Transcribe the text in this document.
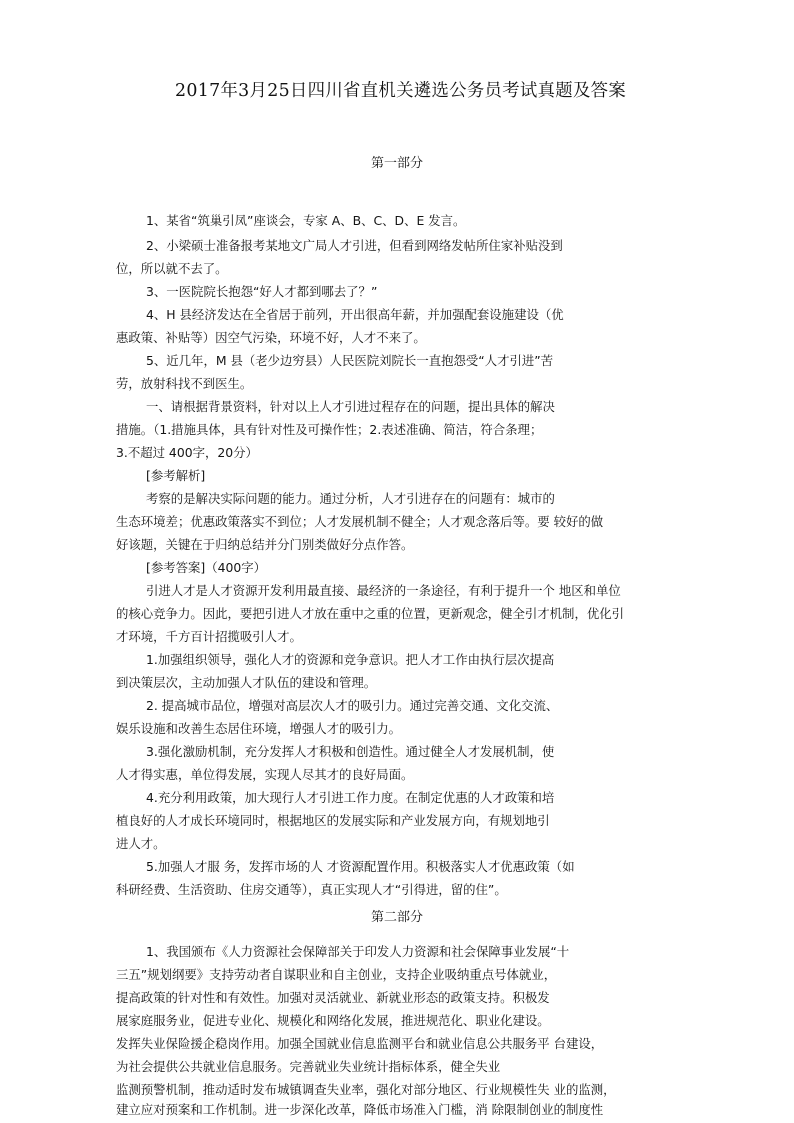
2017年3月25日四川省直机关遴选公务员考试真题及答案
第一部分
1、某省“筑巢引凤”座谈会，专家 A、B、C、D、E 发言。
2、小梁硕士准备报考某地文广局人才引进，但看到网络发帖所住家补贴没到
位，所以就不去了。
3、一医院院长抱怨“好人才都到哪去了？”
4、H 县经济发达在全省居于前列，开出很高年薪，并加强配套设施建设（优
惠政策、补贴等）因空气污染，环境不好，人才不来了。
5、近几年，M 县（老少边穷县）人民医院刘院长一直抱怨受“人才引进”苦
劳，放射科找不到医生。
一、请根据背景资料，针对以上人才引进过程存在的问题，提出具体的解决
措施。（1.措施具体，具有针对性及可操作性；2.表述准确、简洁，符合条理；
3.不超过 400字，20分）
[参考解析]
考察的是解决实际问题的能力。通过分析，人才引进存在的问题有：城市的
生态环境差；优惠政策落实不到位；人才发展机制不健全；人才观念落后等。要 较好的做
好该题，关键在于归纳总结并分门别类做好分点作答。
[参考答案]（400字）
引进人才是人才资源开发利用最直接、最经济的一条途径，有利于提升一个 地区和单位
的核心竞争力。因此，要把引进人才放在重中之重的位置，更新观念，健全引才机制，优化引
才环境，千方百计招揽吸引人才。
1.加强组织领导，强化人才的资源和竞争意识。把人才工作由执行层次提高
到决策层次，主动加强人才队伍的建设和管理。
2. 提高城市品位，增强对高层次人才的吸引力。通过完善交通、文化交流、
娱乐设施和改善生态居住环境，增强人才的吸引力。
3.强化激励机制，充分发挥人才积极和创造性。通过健全人才发展机制，使
人才得实惠，单位得发展，实现人尽其才的良好局面。
4.充分利用政策，加大现行人才引进工作力度。在制定优惠的人才政策和培
植良好的人才成长环境同时，根据地区的发展实际和产业发展方向，有规划地引
进人才。
5.加强人才服 务，发挥市场的人 才资源配置作用。积极落实人才优惠政策（如
科研经费、生活资助、住房交通等），真正实现人才“引得进，留的住”。
第二部分
1、我国颁布《人力资源社会保障部关于印发人力资源和社会保障事业发展“十
三五”规划纲要》支持劳动者自谋职业和自主创业，支持企业吸纳重点号体就业，
提高政策的针对性和有效性。加强对灵活就业、新就业形态的政策支持。积极发
展家庭服务业，促进专业化、规模化和网络化发展，推进规范化、职业化建设。
发挥失业保险援企稳岗作用。加强全国就业信息监测平台和就业信息公共服务平 台建设，
为社会提供公共就业信息服务。完善就业失业统计指标体系，健全失业
监测预警机制，推动适时发布城镇调查失业率，强化对部分地区、行业规模性失 业的监测，
建立应对预案和工作机制。进一步深化改革，降低市场准入门槛，消 除限制创业的制度性
